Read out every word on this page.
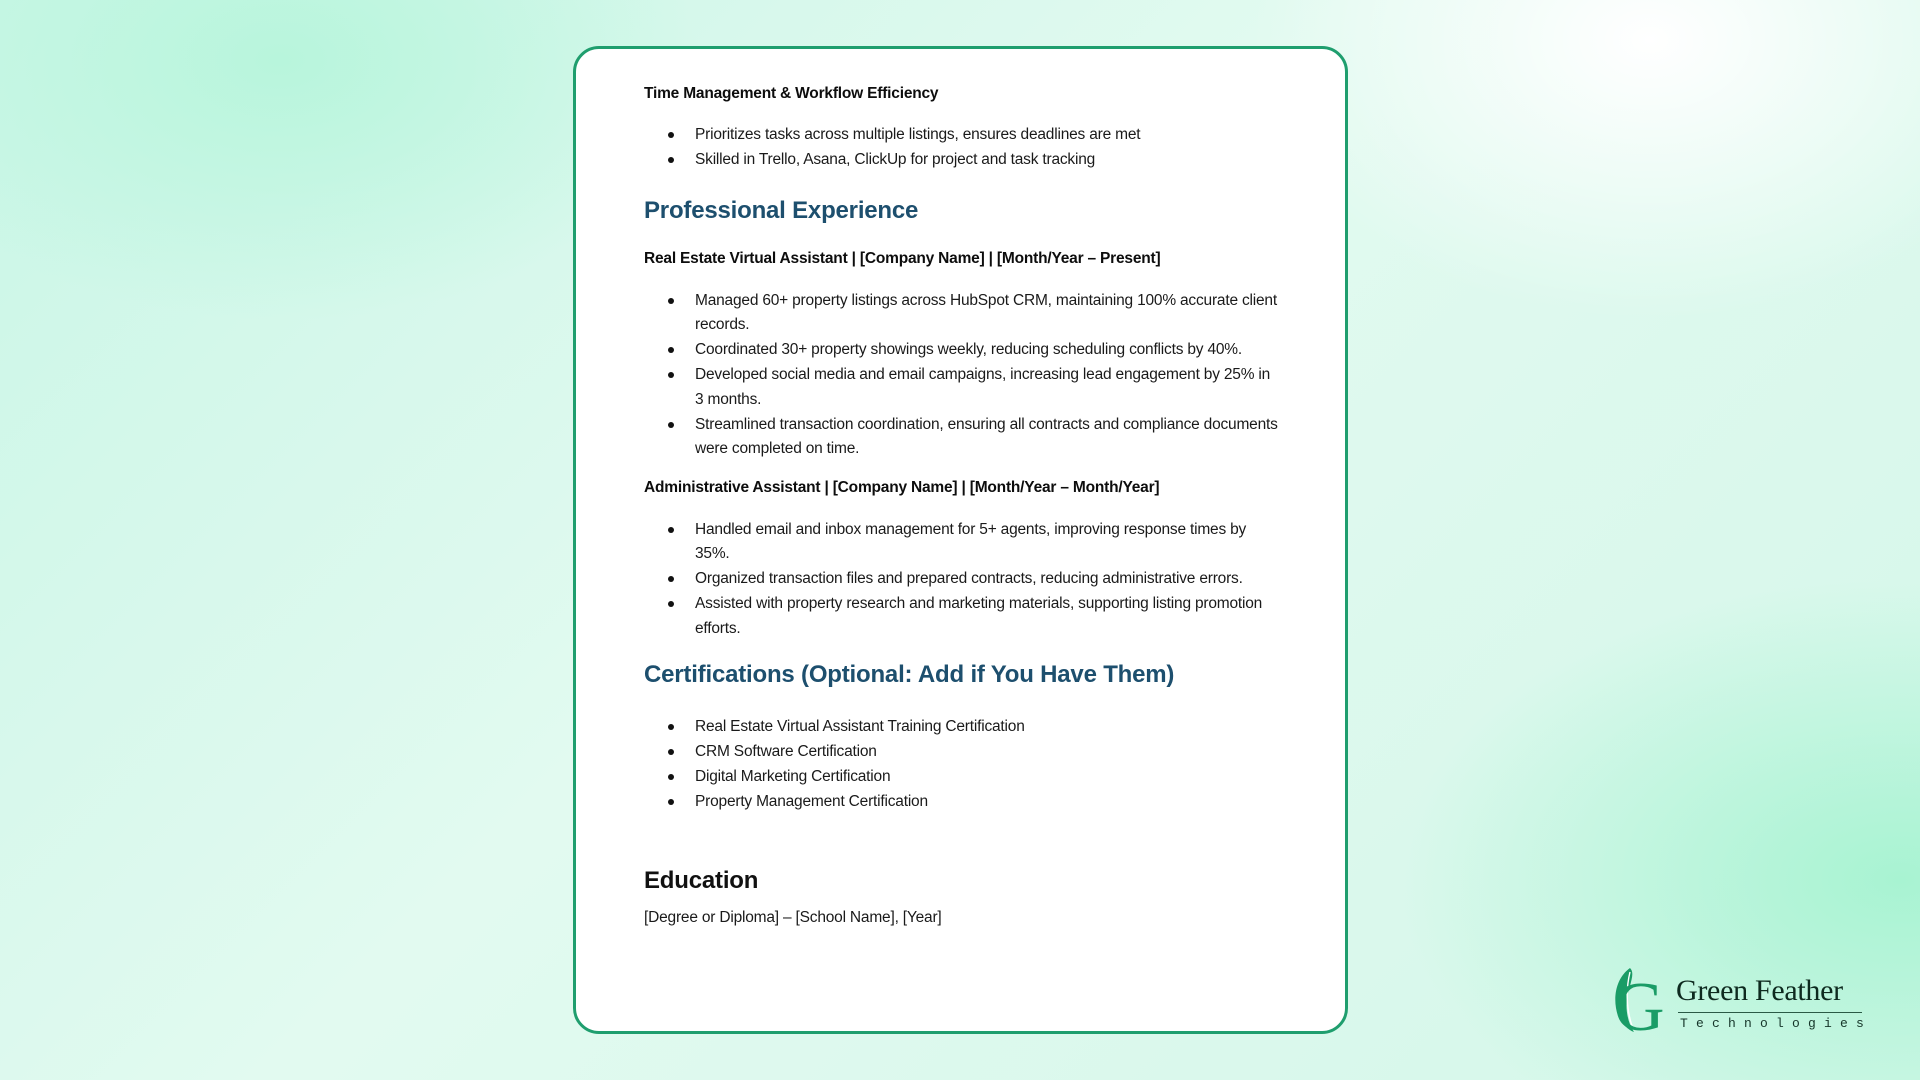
Time Management & Workflow Efficiency
Prioritizes tasks across multiple listings, ensures deadlines are met
Skilled in Trello, Asana, ClickUp for project and task tracking
Professional Experience
Real Estate Virtual Assistant | [Company Name] | [Month/Year – Present]
Managed 60+ property listings across HubSpot CRM, maintaining 100% accurate client records.
Coordinated 30+ property showings weekly, reducing scheduling conflicts by 40%.
Developed social media and email campaigns, increasing lead engagement by 25% in 3 months.
Streamlined transaction coordination, ensuring all contracts and compliance documents were completed on time.
Administrative Assistant | [Company Name] | [Month/Year – Month/Year]
Handled email and inbox management for 5+ agents, improving response times by 35%.
Organized transaction files and prepared contracts, reducing administrative errors.
Assisted with property research and marketing materials, supporting listing promotion efforts.
Certifications (Optional: Add if You Have Them)
Real Estate Virtual Assistant Training Certification
CRM Software Certification
Digital Marketing Certification
Property Management Certification
Education
[Degree or Diploma] – [School Name], [Year]
G Green Feather
Technologies
